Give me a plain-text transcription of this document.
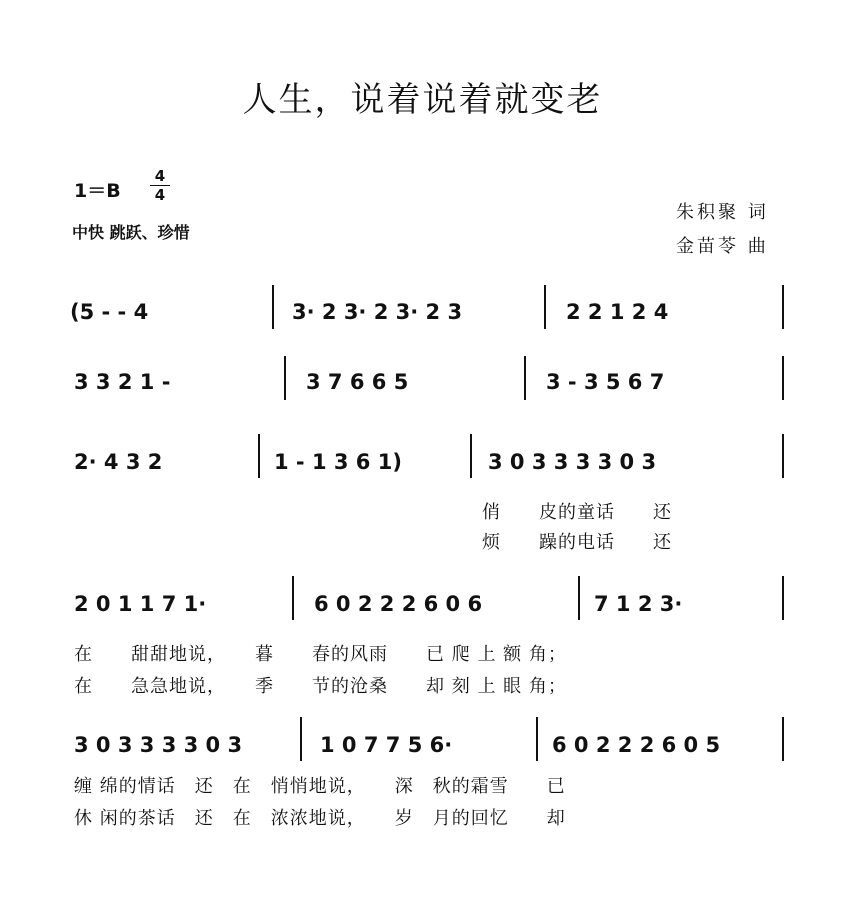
人生，说着说着就变老
1＝B
4
4
中快 跳跃、珍惜
朱积聚 词
金苗苓 曲
(5 - - 4	3· 2 3· 2 3· 2 3	2 2 1 2 4
3 3 2 1 -	3 7 6 6 5	3 - 3 5 6 7
2· 4 3 2	1 - 1 3 6 1)	3 0 3 3 3 3 0 3
俏　　皮的童话　　还
烦　　躁的电话　　还
2 0 1 1 7 1·	6 0 2 2 2 6 0 6	7 1 2 3·
在　　甜甜地说，　　暮　　春的风雨　　已 爬 上 额 角；
在　　急急地说，　　季　　节的沧桑　　却 刻 上 眼 角；
3 0 3 3 3 3 0 3	1 0 7 7 5 6·	6 0 2 2 2 6 0 5
缠 绵的情话　还　在　悄悄地说，　　深　秋的霜雪　　已
休 闲的茶话　还　在　浓浓地说，　　岁　月的回忆　　却
